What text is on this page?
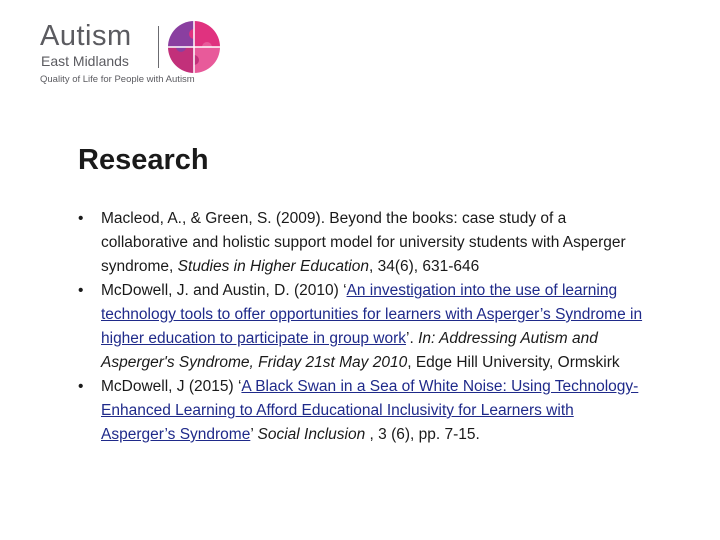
Autism
East Midlands
Quality of Life for People with Autism
Research
• Macleod, A., & Green, S. (2009). Beyond the books: case study of a collaborative and holistic support model for university students with Asperger syndrome, Studies in Higher Education, 34(6), 631-646
• McDowell, J. and Austin, D. (2010) ‘An investigation into the use of learning technology tools to offer opportunities for learners with Asperger’s Syndrome in higher education to participate in group work’. In: Addressing Autism and Asperger's Syndrome, Friday 21st May 2010, Edge Hill University, Ormskirk
• McDowell, J (2015) ‘A Black Swan in a Sea of White Noise: Using Technology-Enhanced Learning to Afford Educational Inclusivity for Learners with Asperger’s Syndrome’ Social Inclusion , 3 (6), pp. 7-15.
